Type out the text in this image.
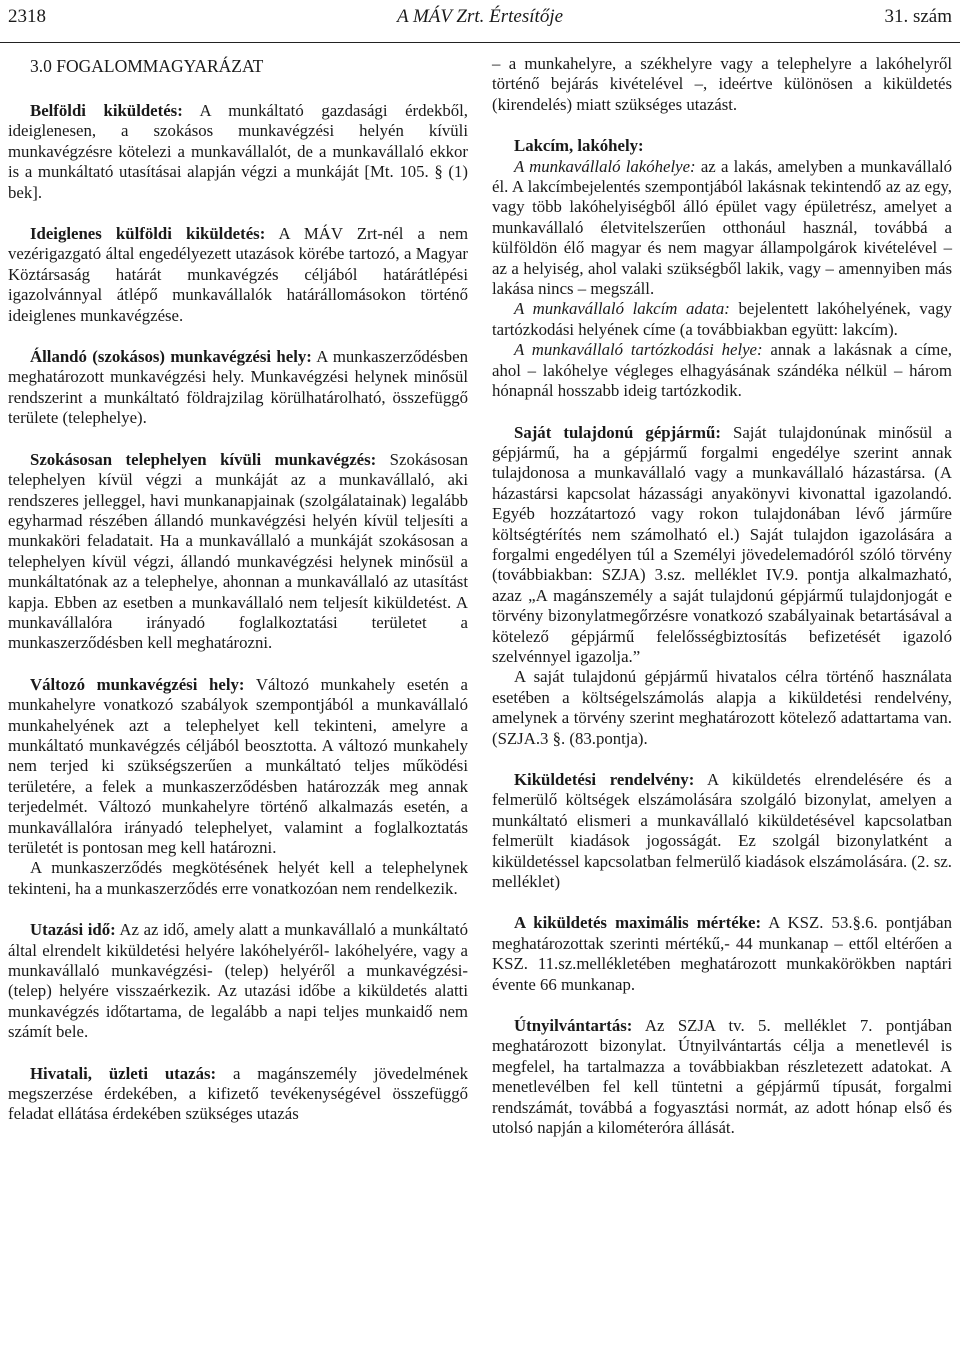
2318	A MÁV Zrt. Értesítője	31. szám
3.0 FOGALOMMAGYARÁZAT

Belföldi kiküldetés: A munkáltató gazdasági érdekből, ideiglenesen, a szokásos munkavégzési helyén kívüli munkavégzésre kötelezi a munkavállalót, de a munkavállaló ekkor is a munkáltató utasításai alapján végzi a munkáját [Mt. 105. § (1) bek].

Ideiglenes külföldi kiküldetés: A MÁV Zrt-nél a nem vezérigazgató által engedélyezett utazások körébe tartozó, a Magyar Köztársaság határát munkavégzés céljából határátlépési igazolvánnyal átlépő munkavállalók határállomásokon történő ideiglenes munkavégzése.

Állandó (szokásos) munkavégzési hely: A munkaszerződésben meghatározott munkavégzési hely. Munkavégzési helynek minősül rendszerint a munkáltató földrajzilag körülhatárolható, összefüggő területe (telephelye).

Szokásosan telephelyen kívüli munkavégzés: Szokásosan telephelyen kívül végzi a munkáját az a munkavállaló, aki rendszeres jelleggel, havi munkanapjainak (szolgálatainak) legalább egyharmad részében állandó munkavégzési helyén kívül teljesíti a munkaköri feladatait. Ha a munkavállaló a munkáját szokásosan a telephelyen kívül végzi, állandó munkavégzési helynek minősül a munkáltatónak az a telephelye, ahonnan a munkavállaló az utasítást kapja. Ebben az esetben a munkavállaló nem teljesít kiküldetést. A munkavállalóra irányadó foglalkoztatási területet a munkaszerződésben kell meghatározni.

Változó munkavégzési hely: Változó munkahely esetén a munkahelyre vonatkozó szabályok szempontjából a munkavállaló munkahelyének azt a telephelyet kell tekinteni, amelyre a munkáltató munkavégzés céljából beosztotta. A változó munkahely nem terjed ki szükségszerűen a munkáltató teljes működési területére, a felek a munkaszerződésben határozzák meg annak terjedelmét. Változó munkahelyre történő alkalmazás esetén, a munkavállalóra irányadó telephelyet, valamint a foglalkoztatás területét is pontosan meg kell határozni.

A munkaszerződés megkötésének helyét kell a telephelynek tekinteni, ha a munkaszerződés erre vonatkozóan nem rendelkezik.

Utazási idő: Az az idő, amely alatt a munkavállaló a munkáltató által elrendelt kiküldetési helyére lakóhelyéről- lakóhelyére, vagy a munkavállaló munkavégzési- (telep) helyéről a munkavégzési- (telep) helyére visszaérkezik. Az utazási időbe a kiküldetés alatti munkavégzés időtartama, de legalább a napi teljes munkaidő nem számít bele.

Hivatali, üzleti utazás: a magánszemély jövedelmének megszerzése érdekében, a kifizető tevékenységével összefüggő feladat ellátása érdekében szükséges utazás

– a munkahelyre, a székhelyre vagy a telephelyre a lakóhelyről történő bejárás kivételével –, ideértve különösen a kiküldetés (kirendelés) miatt szükséges utazást.

Lakcím, lakóhely:

A munkavállaló lakóhelye: az a lakás, amelyben a munkavállaló él. A lakcímbejelentés szempontjából lakásnak tekintendő az az egy, vagy több lakóhelyiségből álló épület vagy épületrész, amelyet a munkavállaló életvitelszerűen otthonául használ, továbbá a külföldön élő magyar és nem magyar állampolgárok kivételével – az a helyiség, ahol valaki szükségből lakik, vagy – amennyiben más lakása nincs – megszáll.

A munkavállaló lakcím adata: bejelentett lakóhelyének, vagy tartózkodási helyének címe (a továbbiakban együtt: lakcím).

A munkavállaló tartózkodási helye: annak a lakásnak a címe, ahol – lakóhelye végleges elhagyásának szándéka nélkül – három hónapnál hosszabb ideig tartózkodik.

Saját tulajdonú gépjármű: Saját tulajdonúnak minősül a gépjármű, ha a gépjármű forgalmi engedélye szerint annak tulajdonosa a munkavállaló vagy a munkavállaló házastársa. (A házastársi kapcsolat házassági anyakönyvi kivonattal igazolandó. Egyéb hozzátartozó vagy rokon tulajdonában lévő járműre költségtérítés nem számolható el.) Saját tulajdon igazolására a forgalmi engedélyen túl a Személyi jövedelemadóról szóló törvény (továbbiakban: SZJA) 3.sz. melléklet IV.9. pontja alkalmazható, azaz „A magánszemély a saját tulajdonú gépjármű tulajdonjogát e törvény bizonylatmegőrzésre vonatkozó szabályainak betartásával a kötelező gépjármű felelősségbiztosítás befizetését igazoló szelvénnyel igazolja.”

A saját tulajdonú gépjármű hivatalos célra történő használata esetében a költségelszámolás alapja a kiküldetési rendelvény, amelynek a törvény szerint meghatározott kötelező adattartama van. (SZJA.3 §. (83.pontja).

Kiküldetési rendelvény: A kiküldetés elrendelésére és a felmerülő költségek elszámolására szolgáló bizonylat, amelyen a munkáltató elismeri a munkavállaló kiküldetésével kapcsolatban felmerült kiadások jogosságát. Ez szolgál bizonylatként a kiküldetéssel kapcsolatban felmerülő kiadások elszámolására. (2. sz. melléklet)

A kiküldetés maximális mértéke: A KSZ. 53.§.6. pontjában meghatározottak szerinti mértékű,- 44 munkanap – ettől eltérően a KSZ. 11.sz.mellékletében meghatározott munkakörökben naptári évente 66 munkanap.

Útnyilvántartás: Az SZJA tv. 5. melléklet 7. pontjában meghatározott bizonylat. Útnyilvántartás célja a menetlevél is megfelel, ha tartalmazza a továbbiakban részletezett adatokat. A menetlevélben fel kell tüntetni a gépjármű típusát, forgalmi rendszámát, továbbá a fogyasztási normát, az adott hónap első és utolsó napján a kilométeróra állását.
